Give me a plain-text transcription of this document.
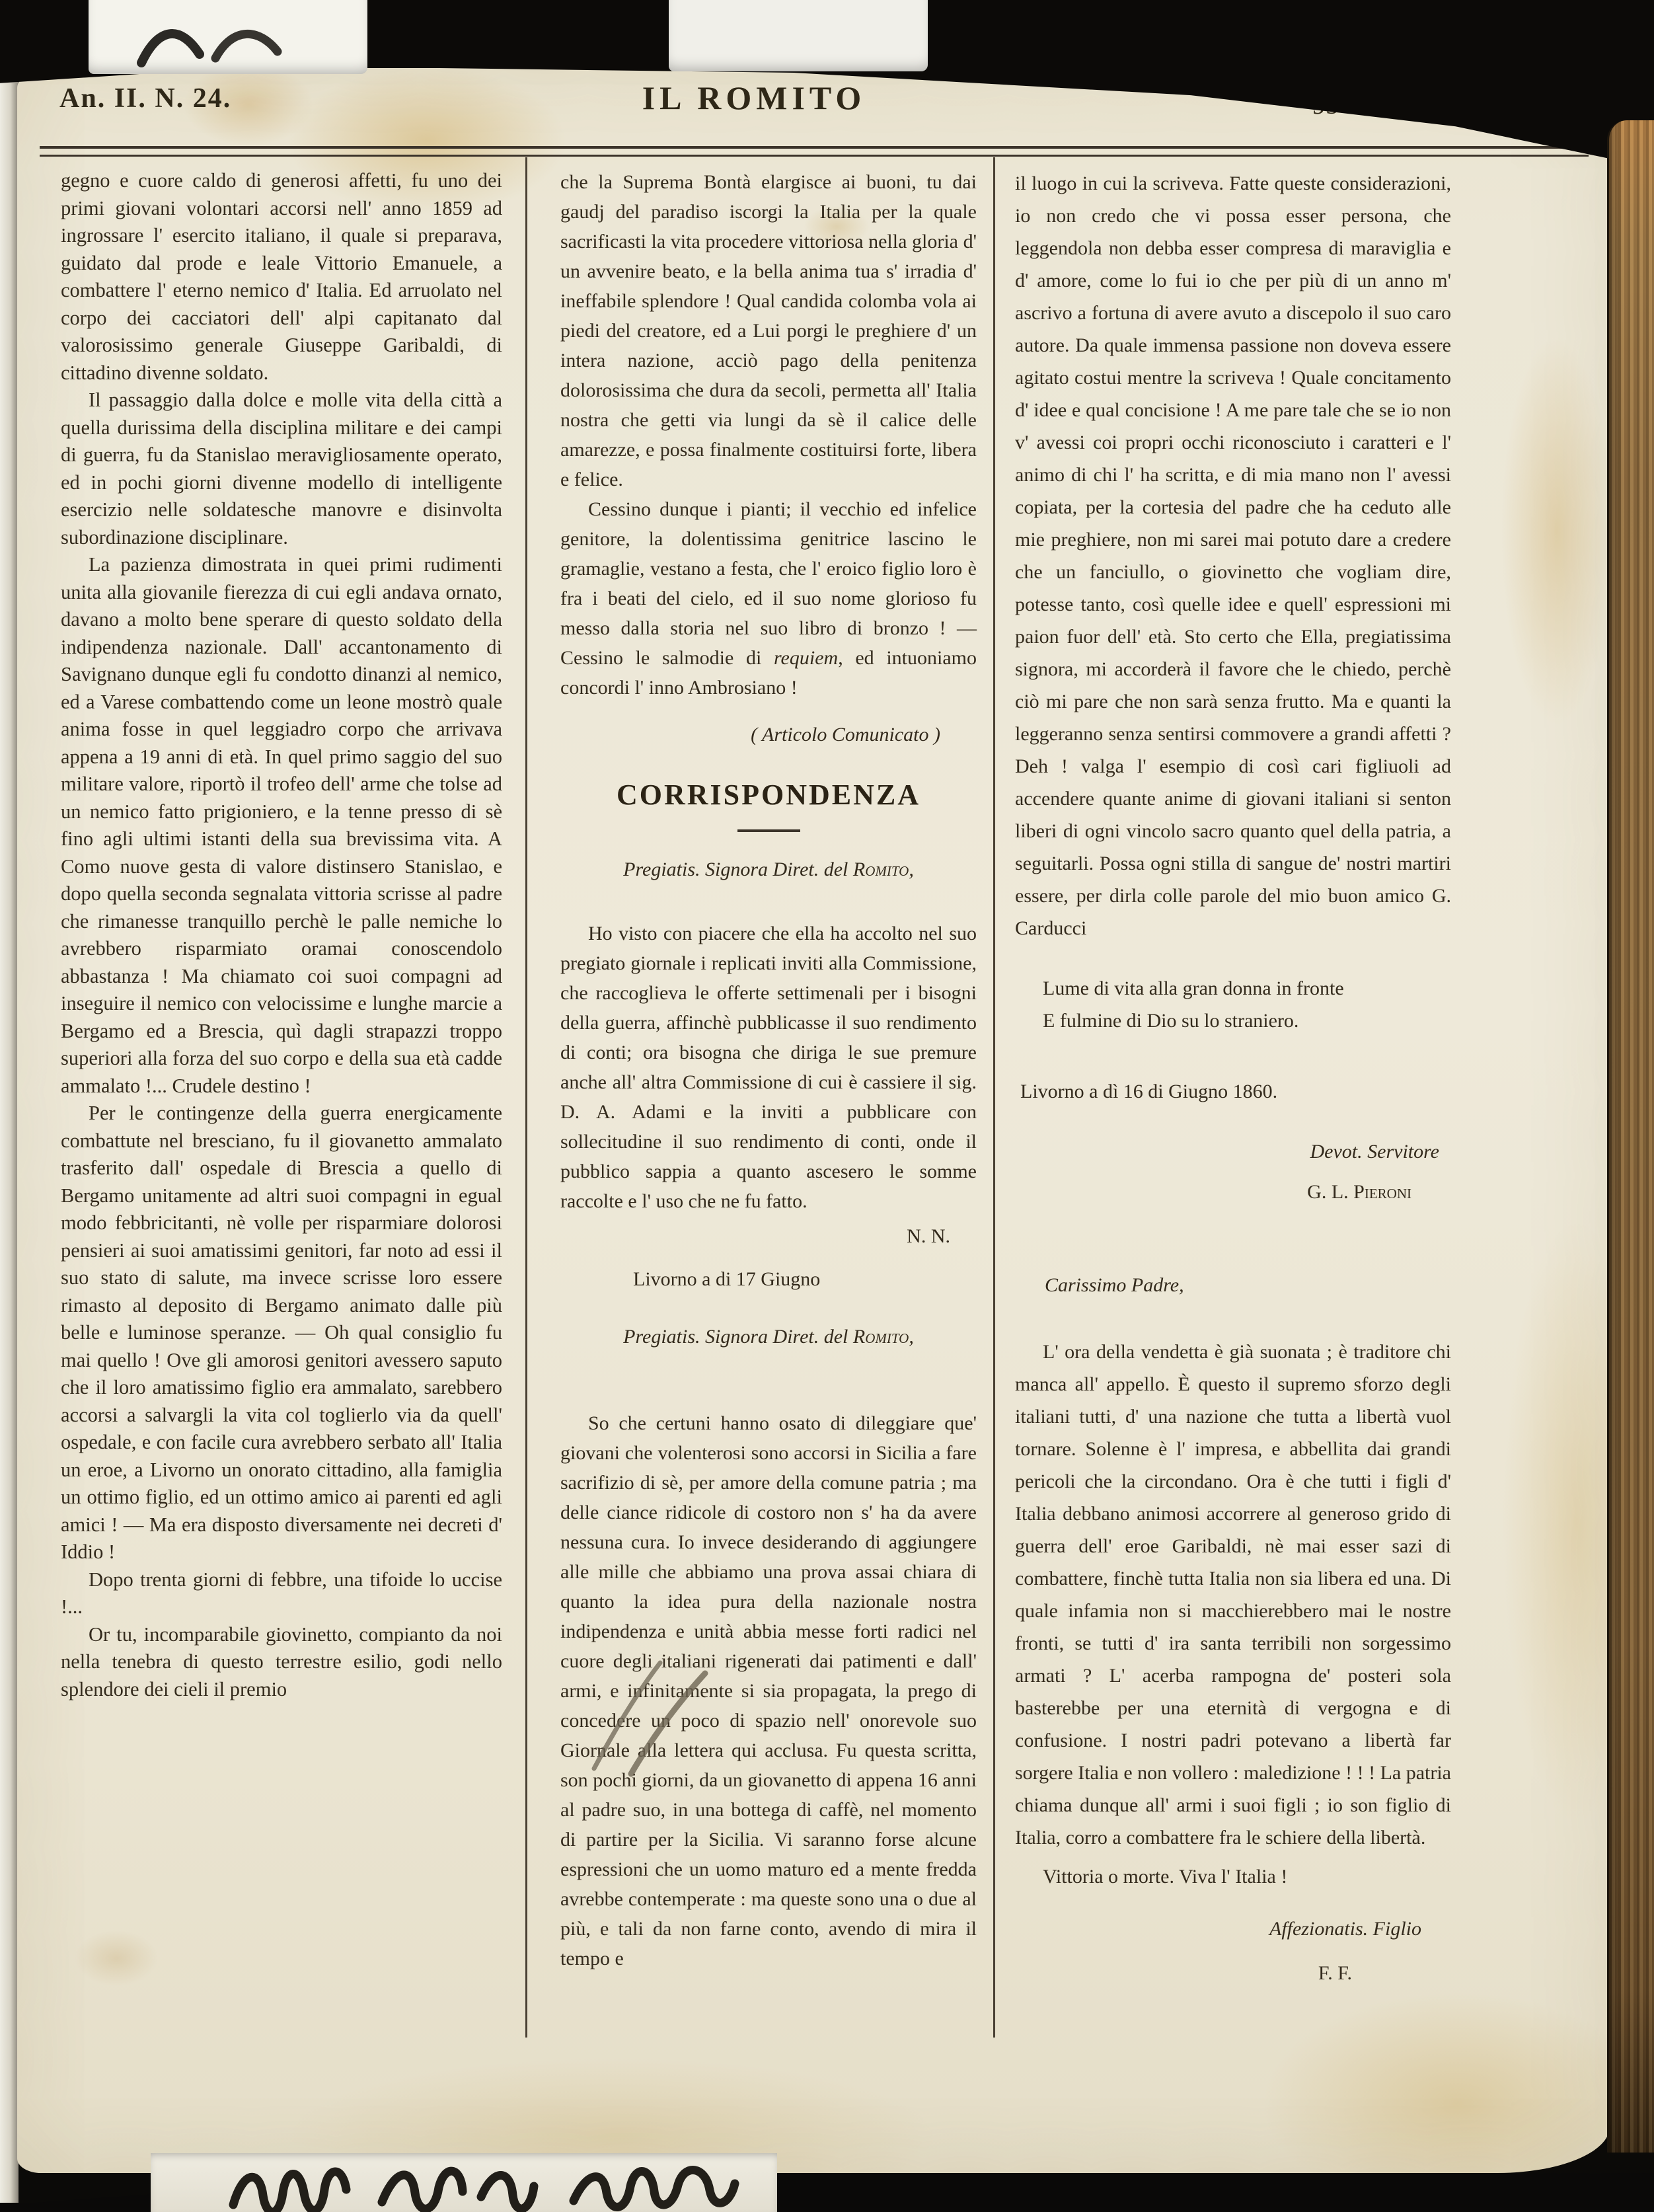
An. II. N. 24.	IL ROMITO

gegno e cuore caldo di generosi affetti, fu uno dei primi giovani volontari accorsi nell' anno 1859 ad ingrossare l' esercito italiano, il quale si preparava, guidato dal prode e leale Vittorio Emanuele, a combattere l' eterno nemico d' Italia. Ed arruolato nel corpo dei cacciatori dell' alpi capitanato dal valorosissimo generale Giuseppe Garibaldi, di cittadino divenne soldato.

Il passaggio dalla dolce e molle vita della città a quella durissima della disciplina militare e dei campi di guerra, fu da Stanislao meravigliosamente operato, ed in pochi giorni divenne modello di intelligente esercizio nelle soldatesche manovre e disinvolta subordinazione disciplinare.

La pazienza dimostrata in quei primi rudimenti unita alla giovanile fierezza di cui egli andava ornato, davano a molto bene sperare di questo soldato della indipendenza nazionale. Dall' accantonamento di Savignano dunque egli fu condotto dinanzi al nemico, ed a Varese combattendo come un leone mostrò quale anima fosse in quel leggiadro corpo che arrivava appena a 19 anni di età. In quel primo saggio del suo militare valore, riportò il trofeo dell' arme che tolse ad un nemico fatto prigioniero, e la tenne presso di sè fino agli ultimi istanti della sua brevissima vita. A Como nuove gesta di valore distinsero Stanislao, e dopo quella seconda segnalata vittoria scrisse al padre che rimanesse tranquillo perchè le palle nemiche lo avrebbero risparmiato oramai conoscendolo abbastanza ! Ma chiamato coi suoi compagni ad inseguire il nemico con velocissime e lunghe marcie a Bergamo ed a Brescia, quì dagli strapazzi troppo superiori alla forza del suo corpo e della sua età cadde ammalato !... Crudele destino !

Per le contingenze della guerra energicamente combattute nel bresciano, fu il giovanetto ammalato trasferito dall' ospedale di Brescia a quello di Bergamo unitamente ad altri suoi compagni in egual modo febbricitanti, nè volle per risparmiare dolorosi pensieri ai suoi amatissimi genitori, far noto ad essi il suo stato di salute, ma invece scrisse loro essere rimasto al deposito di Bergamo animato dalle più belle e luminose speranze. — Oh qual consiglio fu mai quello ! Ove gli amorosi genitori avessero saputo che il loro amatissimo figlio era ammalato, sarebbero accorsi a salvargli la vita col toglierlo via da quell' ospedale, e con facile cura avrebbero serbato all' Italia un eroe, a Livorno un onorato cittadino, alla famiglia un ottimo figlio, ed un ottimo amico ai parenti ed agli amici ! — Ma era disposto diversamente nei decreti d' Iddio !

Dopo trenta giorni di febbre, una tifoide lo uccise !...

Or tu, incomparabile giovinetto, compianto da noi nella tenebra di questo terrestre esilio, godi nello splendore dei cieli il premio

che la Suprema Bontà elargisce ai buoni, tu dai gaudj del paradiso iscorgi la Italia per la quale sacrificasti la vita procedere vittoriosa nella gloria d' un avvenire beato, e la bella anima tua s' irradia d' ineffabile splendore ! Qual candida colomba vola ai piedi del creatore, ed a Lui porgi le preghiere d' un intera nazione, acciò pago della penitenza dolorosissima che dura da secoli, permetta all' Italia nostra che getti via lungi da sè il calice delle amarezze, e possa finalmente costituirsi forte, libera e felice.

Cessino dunque i pianti; il vecchio ed infelice genitore, la dolentissima genitrice lascino le gramaglie, vestano a festa, che l' eroico figlio loro è fra i beati del cielo, ed il suo nome glorioso fu messo dalla storia nel suo libro di bronzo ! — Cessino le salmodie di requiem, ed intuoniamo concordi l' inno Ambrosiano !

( Articolo Comunicato )

CORRISPONDENZA

Pregiatis. Signora Diret. del Romito,

Ho visto con piacere che ella ha accolto nel suo pregiato giornale i replicati inviti alla Commissione, che raccoglieva le offerte settimenali per i bisogni della guerra, affinchè pubblicasse il suo rendimento di conti; ora bisogna che diriga le sue premure anche all' altra Commissione di cui è cassiere il sig. D. A. Adami e la inviti a pubblicare con sollecitudine il suo rendimento di conti, onde il pubblico sappia a quanto ascesero le somme raccolte e l' uso che ne fu fatto.

N. N.

Livorno a di 17 Giugno

Pregiatis. Signora Diret. del Romito,

So che certuni hanno osato di dileggiare que' giovani che volenterosi sono accorsi in Sicilia a fare sacrifizio di sè, per amore della comune patria ; ma delle ciance ridicole di costoro non s' ha da avere nessuna cura. Io invece desiderando di aggiungere alle mille che abbiamo una prova assai chiara di quanto la idea pura della nazionale nostra indipendenza e unità abbia messe forti radici nel cuore degli italiani rigenerati dai patimenti e dall' armi, e infinitamente si sia propagata, la prego di concedere un poco di spazio nell' onorevole suo Giornale alla lettera qui acclusa. Fu questa scritta, son pochi giorni, da un giovanetto di appena 16 anni al padre suo, in una bottega di caffè, nel momento di partire per la Sicilia. Vi saranno forse alcune espressioni che un uomo maturo ed a mente fredda avrebbe contemperate : ma queste sono una o due al più, e tali da non farne conto, avendo di mira il tempo e

il luogo in cui la scriveva. Fatte queste considerazioni, io non credo che vi possa esser persona, che leggendola non debba esser compresa di maraviglia e d' amore, come lo fui io che per più di un anno m' ascrivo a fortuna di avere avuto a discepolo il suo caro autore. Da quale immensa passione non doveva essere agitato costui mentre la scriveva ! Quale concitamento d' idee e qual concisione ! A me pare tale che se io non v' avessi coi propri occhi riconosciuto i caratteri e l' animo di chi l' ha scritta, e di mia mano non l' avessi copiata, per la cortesia del padre che ha ceduto alle mie preghiere, non mi sarei mai potuto dare a credere che un fanciullo, o giovinetto che vogliam dire, potesse tanto, così quelle idee e quell' espressioni mi paion fuor dell' età. Sto certo che Ella, pregiatissima signora, mi accorderà il favore che le chiedo, perchè ciò mi pare che non sarà senza frutto. Ma e quanti la leggeranno senza sentirsi commovere a grandi affetti ? Deh ! valga l' esempio di così cari figliuoli ad accendere quante anime di giovani italiani si senton liberi di ogni vincolo sacro quanto quel della patria, a seguitarli. Possa ogni stilla di sangue de' nostri martiri essere, per dirla colle parole del mio buon amico G. Carducci

Lume di vita alla gran donna in fronte

E fulmine di Dio su lo straniero.

Livorno a dì 16 di Giugno 1860.

Devot. Servitore

G. L. Pieroni

Carissimo Padre,

L' ora della vendetta è già suonata ; è traditore chi manca all' appello. È questo il supremo sforzo degli italiani tutti, d' una nazione che tutta a libertà vuol tornare. Solenne è l' impresa, e abbellita dai grandi pericoli che la circondano. Ora è che tutti i figli d' Italia debbano animosi accorrere al generoso grido di guerra dell' eroe Garibaldi, nè mai esser sazi di combattere, finchè tutta Italia non sia libera ed una. Di quale infamia non si macchierebbero mai le nostre fronti, se tutti d' ira santa terribili non sorgessimo armati ? L' acerba rampogna de' posteri sola basterebbe per una eternità di vergogna e di confusione. I nostri padri potevano a libertà far sorgere Italia e non vollero : maledizione ! ! ! La patria chiama dunque all' armi i suoi figli ; io son figlio di Italia, corro a combattere fra le schiere della libertà.

Vittoria o morte. Viva l' Italia !

Affezionatis. Figlio

F. F.
